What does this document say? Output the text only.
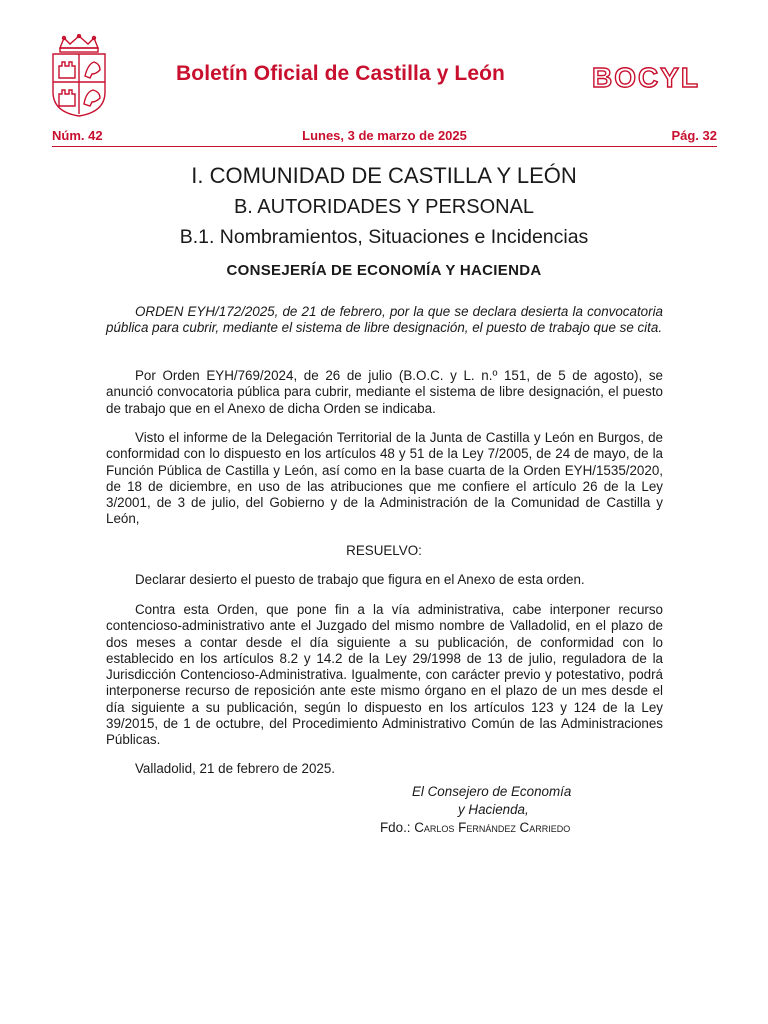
Boletín Oficial de Castilla y León	BOCYL
Lunes, 3 de marzo de 2025
Núm. 42	Pág. 32
I. COMUNIDAD DE CASTILLA Y LEÓN
B. AUTORIDADES Y PERSONAL
B.1. Nombramientos, Situaciones e Incidencias
CONSEJERÍA DE ECONOMÍA Y HACIENDA
ORDEN EYH/172/2025, de 21 de febrero, por la que se declara desierta la convocatoria pública para cubrir, mediante el sistema de libre designación, el puesto de trabajo que se cita.
Por Orden EYH/769/2024, de 26 de julio (B.O.C. y L. n.º 151, de 5 de agosto), se anunció convocatoria pública para cubrir, mediante el sistema de libre designación, el puesto de trabajo que en el Anexo de dicha Orden se indicaba.
Visto el informe de la Delegación Territorial de la Junta de Castilla y León en Burgos, de conformidad con lo dispuesto en los artículos 48 y 51 de la Ley 7/2005, de 24 de mayo, de la Función Pública de Castilla y León, así como en la base cuarta de la Orden EYH/1535/2020, de 18 de diciembre, en uso de las atribuciones que me confiere el artículo 26 de la Ley 3/2001, de 3 de julio, del Gobierno y de la Administración de la Comunidad de Castilla y León,
RESUELVO:
Declarar desierto el puesto de trabajo que figura en el Anexo de esta orden.
Contra esta Orden, que pone fin a la vía administrativa, cabe interponer recurso contencioso-administrativo ante el Juzgado del mismo nombre de Valladolid, en el plazo de dos meses a contar desde el día siguiente a su publicación, de conformidad con lo establecido en los artículos 8.2 y 14.2 de la Ley 29/1998 de 13 de julio, reguladora de la Jurisdicción Contencioso-Administrativa. Igualmente, con carácter previo y potestativo, podrá interponerse recurso de reposición ante este mismo órgano en el plazo de un mes desde el día siguiente a su publicación, según lo dispuesto en los artículos 123 y 124 de la Ley 39/2015, de 1 de octubre, del Procedimiento Administrativo Común de las Administraciones Públicas.
Valladolid, 21 de febrero de 2025.
El Consejero de Economía
y Hacienda,
Fdo.: Carlos Fernández Carriedo
